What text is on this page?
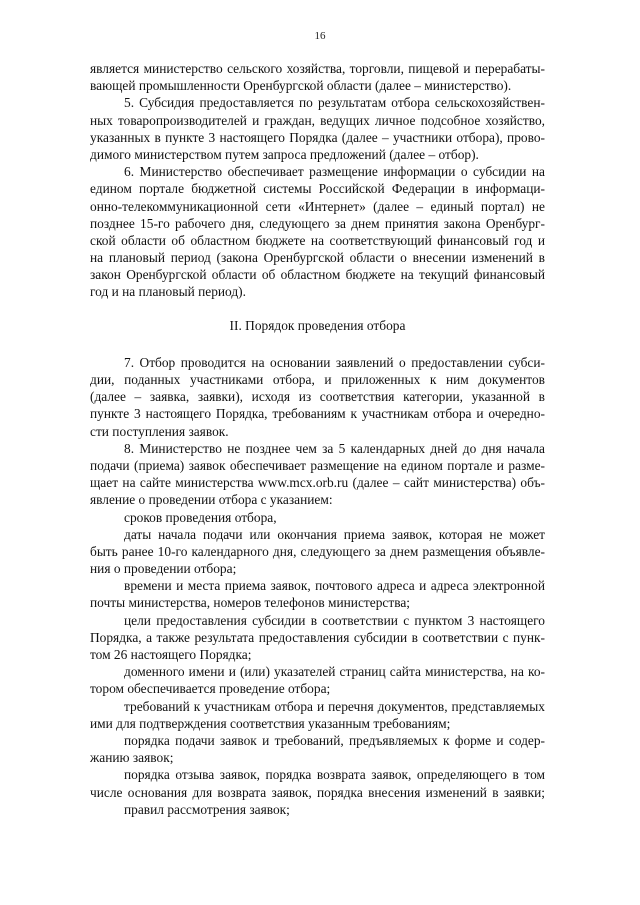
16
является министерство сельского хозяйства, торговли, пищевой и перерабаты-
вающей промышленности Оренбургской области (далее – министерство).
5. Субсидия предоставляется по результатам отбора сельскохозяйствен-
ных товаропроизводителей и граждан, ведущих личное подсобное хозяйство,
указанных в пункте 3 настоящего Порядка (далее – участники отбора), прово-
димого министерством путем запроса предложений (далее – отбор).
6. Министерство обеспечивает размещение информации о субсидии на
едином портале бюджетной системы Российской Федерации в информаци-
онно-телекоммуникационной сети «Интернет» (далее – единый портал) не
позднее 15-го рабочего дня, следующего за днем принятия закона Оренбург-
ской области об областном бюджете на соответствующий финансовый год и
на плановый период (закона Оренбургской области о внесении изменений в
закон Оренбургской области об областном бюджете на текущий финансовый
год и на плановый период).
II. Порядок проведения отбора
7. Отбор проводится на основании заявлений о предоставлении субси-
дии, поданных участниками отбора, и приложенных к ним документов
(далее – заявка, заявки), исходя из соответствия категории, указанной в
пункте 3 настоящего Порядка, требованиям к участникам отбора и очередно-
сти поступления заявок.
8. Министерство не позднее чем за 5 календарных дней до дня начала
подачи (приема) заявок обеспечивает размещение на едином портале и разме-
щает на сайте министерства www.mcx.orb.ru (далее – сайт министерства) объ-
явление о проведении отбора с указанием:
сроков проведения отбора,
даты начала подачи или окончания приема заявок, которая не может
быть ранее 10-го календарного дня, следующего за днем размещения объявле-
ния о проведении отбора;
времени и места приема заявок, почтового адреса и адреса электронной
почты министерства, номеров телефонов министерства;
цели предоставления субсидии в соответствии с пунктом 3 настоящего
Порядка, а также результата предоставления субсидии в соответствии с пунк-
том 26 настоящего Порядка;
доменного имени и (или) указателей страниц сайта министерства, на ко-
тором обеспечивается проведение отбора;
требований к участникам отбора и перечня документов, представляемых
ими для подтверждения соответствия указанным требованиям;
порядка подачи заявок и требований, предъявляемых к форме и содер-
жанию заявок;
порядка отзыва заявок, порядка возврата заявок, определяющего в том
числе основания для возврата заявок, порядка внесения изменений в заявки;
правил рассмотрения заявок;
